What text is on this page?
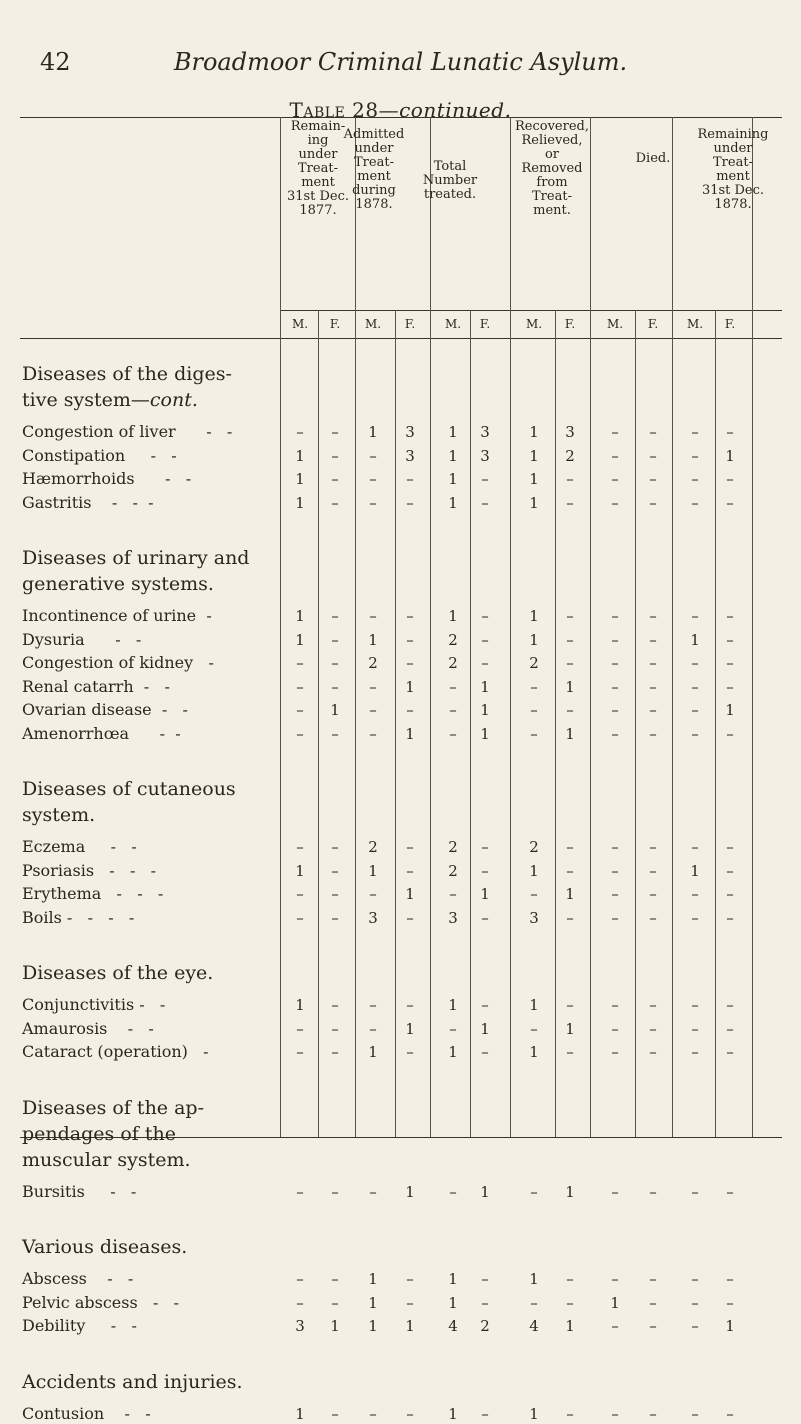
42	Broadmoor Criminal Lunatic Asylum.
Table 28—continued.
Remain-
ing
under
Treat-
ment
31st Dec.
1877.
Admitted
under
Treat-
ment
during
1878.
Total
Number
treated.
Recovered,
Relieved,
or
Removed
from
Treat-
ment.
Died.
Remaining
under
Treat-
ment
31st Dec.
1878.
M.	F.	M.	F.	M.	F.	M.	F.	M.	F.	M.	F.
Diseases of the diges-
tive system—cont.
Congestion of liver      -   -	–	–	1	3	1	3	1	3	–	–	–	–
Constipation     -   -	1	–	–	3	1	3	1	2	–	–	–	1
Hæmorrhoids      -   -	1	–	–	–	1	–	1	–	–	–	–	–
Gastritis    -   -  -	1	–	–	–	1	–	1	–	–	–	–	–
Diseases of urinary and
generative systems.
Incontinence of urine  -	1	–	–	–	1	–	1	–	–	–	–	–
Dysuria      -   -	1	–	1	–	2	–	1	–	–	–	1	–
Congestion of kidney   -	–	–	2	–	2	–	2	–	–	–	–	–
Renal catarrh  -   -	–	–	–	1	–	1	–	1	–	–	–	–
Ovarian disease  -   -	–	1	–	–	–	1	–	–	–	–	–	1
Amenorrhœa      -  -	–	–	–	1	–	1	–	1	–	–	–	–
Diseases of cutaneous
system.
Eczema     -   -	–	–	2	–	2	–	2	–	–	–	–	–
Psoriasis   -   -   -	1	–	1	–	2	–	1	–	–	–	1	–
Erythema   -   -   -	–	–	–	1	–	1	–	1	–	–	–	–
Boils -   -   -   -	–	–	3	–	3	–	3	–	–	–	–	–
Diseases of the eye.
Conjunctivitis -   -	1	–	–	–	1	–	1	–	–	–	–	–
Amaurosis    -   -	–	–	–	1	–	1	–	1	–	–	–	–
Cataract (operation)   -	–	–	1	–	1	–	1	–	–	–	–	–
Diseases of the ap-
pendages of the
muscular system.
Bursitis     -   -	–	–	–	1	–	1	–	1	–	–	–	–
Various diseases.
Abscess    -   -	–	–	1	–	1	–	1	–	–	–	–	–
Pelvic abscess   -   -	–	–	1	–	1	–	–	–	1	–	–	–
Debility     -   -	3	1	1	1	4	2	4	1	–	–	–	1
Accidents and injuries.
Contusion    -   -	1	–	–	–	1	–	1	–	–	–	–	–
